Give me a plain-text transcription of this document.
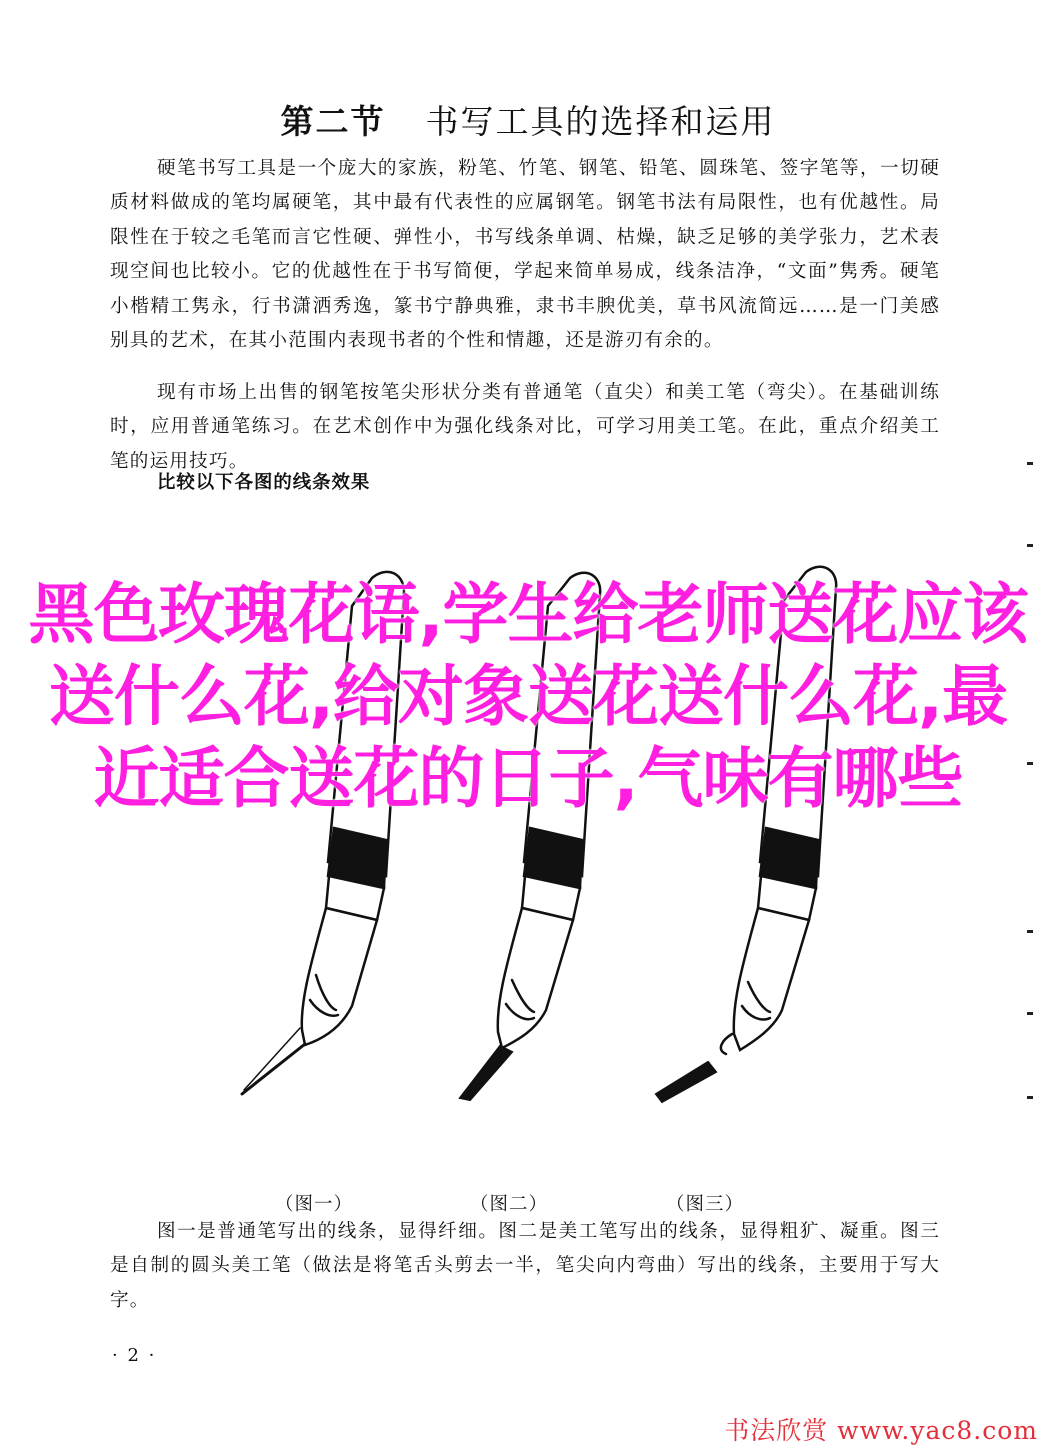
第二节 书写工具的选择和运用
硬笔书写工具是一个庞大的家族，粉笔、竹笔、钢笔、铅笔、圆珠笔、签字笔等，一切硬质材料做成的笔均属硬笔，其中最有代表性的应属钢笔。钢笔书法有局限性，也有优越性。局限性在于较之毛笔而言它性硬、弹性小，书写线条单调、枯燥，缺乏足够的美学张力，艺术表现空间也比较小。它的优越性在于书写简便，学起来简单易成，线条洁净，“文面”隽秀。硬笔小楷精工隽永，行书潇洒秀逸，篆书宁静典雅，隶书丰腴优美，草书风流简远……是一门美感别具的艺术，在其小范围内表现书者的个性和情趣，还是游刃有余的。
现有市场上出售的钢笔按笔尖形状分类有普通笔（直尖）和美工笔（弯尖）。在基础训练时，应用普通笔练习。在艺术创作中为强化线条对比，可学习用美工笔。在此，重点介绍美工笔的运用技巧。
比较以下各图的线条效果
（图一）	（图二）	（图三）
图一是普通笔写出的线条，显得纤细。图二是美工笔写出的线条，显得粗犷、凝重。图三是自制的圆头美工笔（做法是将笔舌头剪去一半，笔尖向内弯曲）写出的线条，主要用于写大字。
· 2 ·
黑色玫瑰花语,学生给老师送花应该送什么花,给对象送花送什么花,最近适合送花的日子,气味有哪些
书法欣赏 www.yac8.com
